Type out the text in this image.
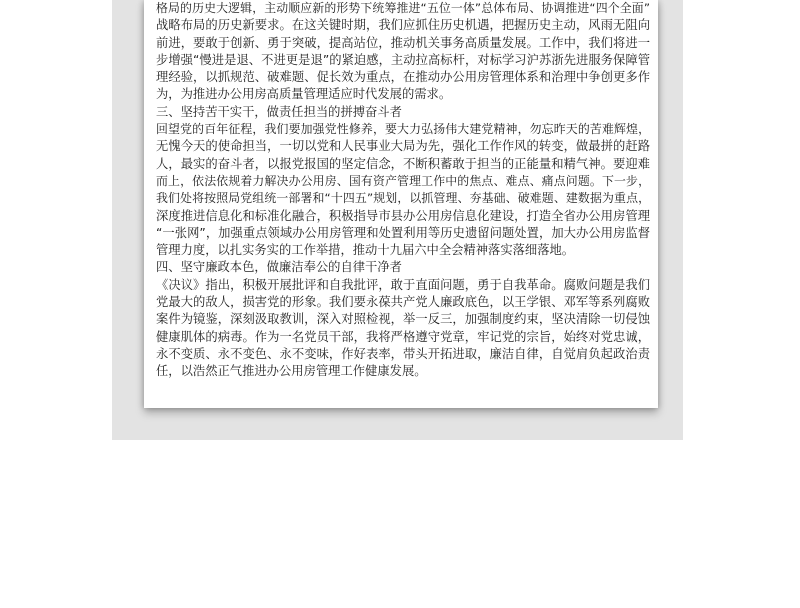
格局的历史大逻辑，主动顺应新的形势下统筹推进“五位一体”总体布局、协调推进“四个全面”
战略布局的历史新要求。在这关键时期，我们应抓住历史机遇，把握历史主动，风雨无阻向
前进，要敢于创新、勇于突破，提高站位，推动机关事务高质量发展。工作中，我们将进一
步增强“慢进是退、不进更是退”的紧迫感，主动拉高标杆，对标学习沪苏浙先进服务保障管
理经验，以抓规范、破难题、促长效为重点，在推动办公用房管理体系和治理中争创更多作
为，为推进办公用房高质量管理适应时代发展的需求。
三、坚持苦干实干，做责任担当的拼搏奋斗者
回望党的百年征程，我们要加强党性修养，要大力弘扬伟大建党精神，勿忘昨天的苦难辉煌，
无愧今天的使命担当，一切以党和人民事业大局为先，强化工作作风的转变，做最拼的赶路
人，最实的奋斗者，以报党报国的坚定信念，不断积蓄敢于担当的正能量和精气神。要迎难
而上，依法依规着力解决办公用房、国有资产管理工作中的焦点、难点、痛点问题。下一步，
我们处将按照局党组统一部署和“十四五”规划，以抓管理、夯基础、破难题、建数据为重点，
深度推进信息化和标准化融合，积极指导市县办公用房信息化建设，打造全省办公用房管理
“一张网”，加强重点领域办公用房管理和处置利用等历史遗留问题处置，加大办公用房监督
管理力度，以扎实务实的工作举措，推动十九届六中全会精神落实落细落地。
四、坚守廉政本色，做廉洁奉公的自律干净者
《决议》指出，积极开展批评和自我批评，敢于直面问题，勇于自我革命。腐败问题是我们
党最大的敌人，损害党的形象。我们要永葆共产党人廉政底色，以王学银、邓军等系列腐败
案件为镜鉴，深刻汲取教训，深入对照检视，举一反三，加强制度约束，坚决清除一切侵蚀
健康肌体的病毒。作为一名党员干部，我将严格遵守党章，牢记党的宗旨，始终对党忠诚，
永不变质、永不变色、永不变味，作好表率，带头开拓进取，廉洁自律，自觉肩负起政治责
任，以浩然正气推进办公用房管理工作健康发展。
